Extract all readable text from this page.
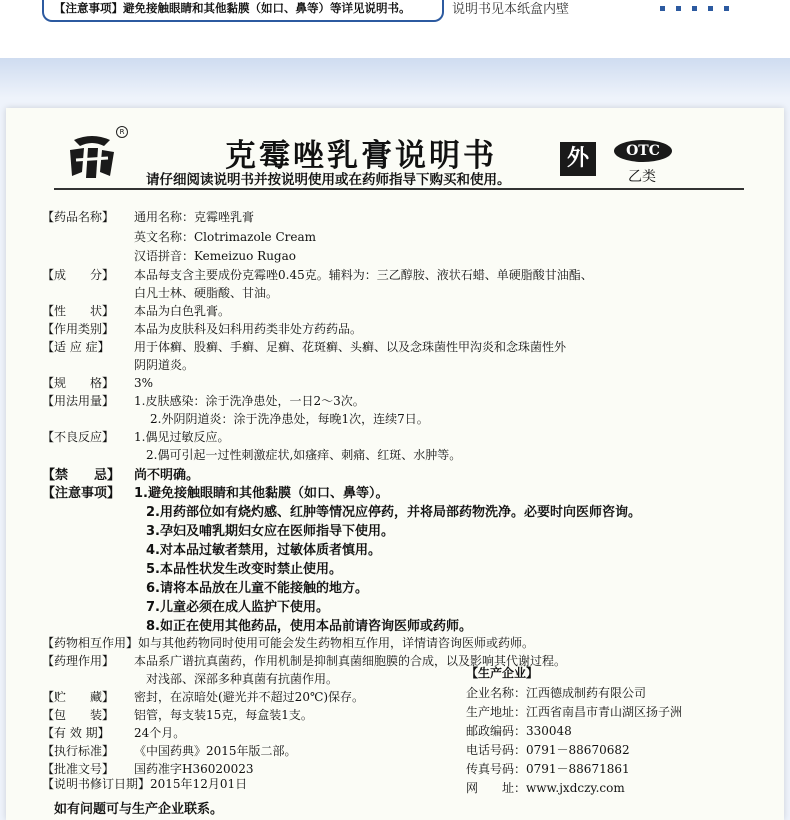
【注意事项】避免接触眼睛和其他黏膜（如口、鼻等）等详见说明书。	说明书见本纸盒内壁
R
克霉唑乳膏说明书
请仔细阅读说明书并按说明使用或在药师指导下购买和使用。
外	OTC
乙类
【药品名称】 通用名称：克霉唑乳膏
英文名称：Clotrimazole Cream
汉语拼音：Kemeizuo Rugao
【成　　分】 本品每支含主要成份克霉唑0.45克。辅料为：三乙醇胺、液状石蜡、单硬脂酸甘油酯、
白凡士林、硬脂酸、甘油。
【性　　状】 本品为白色乳膏。
【作用类别】 本品为皮肤科及妇科用药类非处方药药品。
【适 应 症】 用于体癣、股癣、手癣、足癣、花斑癣、头癣、以及念珠菌性甲沟炎和念珠菌性外
阴阴道炎。
【规　　格】 3%
【用法用量】 1.皮肤感染：涂于洗净患处，一日2～3次。
2.外阴阴道炎：涂于洗净患处，每晚1次，连续7日。
【不良反应】 1.偶见过敏反应。
2.偶可引起一过性刺激症状,如瘙痒、刺痛、红斑、水肿等。
【禁　　忌】 尚不明确。
【注意事项】 1.避免接触眼睛和其他黏膜（如口、鼻等）。
2.用药部位如有烧灼感、红肿等情况应停药，并将局部药物洗净。必要时向医师咨询。
3.孕妇及哺乳期妇女应在医师指导下使用。
4.对本品过敏者禁用，过敏体质者慎用。
5.本品性状发生改变时禁止使用。
6.请将本品放在儿童不能接触的地方。
7.儿童必须在成人监护下使用。
8.如正在使用其他药品，使用本品前请咨询医师或药师。
【药物相互作用】如与其他药物同时使用可能会发生药物相互作用，详情请咨询医师或药师。
【药理作用】 本品系广谱抗真菌药，作用机制是抑制真菌细胞膜的合成，以及影响其代谢过程。
对浅部、深部多种真菌有抗菌作用。
【贮　　藏】 密封，在凉暗处(避光并不超过20℃)保存。
【包　　装】 铝管，每支装15克，每盒装1支。
【有 效 期】 24个月。
【执行标准】 《中国药典》2015年版二部。
【批准文号】 国药准字H36020023
【生产企业】
企业名称：江西德成制药有限公司
生产地址：江西省南昌市青山湖区扬子洲
邮政编码：330048
电话号码：0791－88670682
传真号码：0791－88671861
网　　址：www.jxdczy.com
【说明书修订日期】2015年12月01日
如有问题可与生产企业联系。
